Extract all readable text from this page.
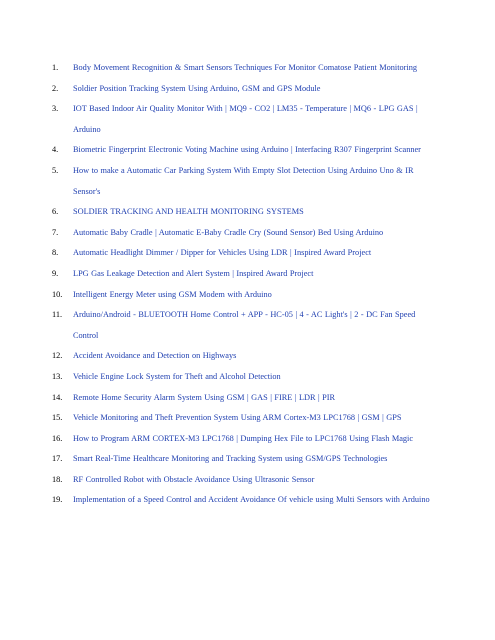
1.	Body Movement Recognition & Smart Sensors Techniques For Monitor Comatose Patient Monitoring
2.	Soldier Position Tracking System Using Arduino, GSM and GPS Module
3.	IOT Based Indoor Air Quality Monitor With | MQ9 - CO2 | LM35 - Temperature | MQ6 - LPG GAS | Arduino
4.	Biometric Fingerprint Electronic Voting Machine using Arduino | Interfacing R307 Fingerprint Scanner
5.	How to make a Automatic Car Parking System With Empty Slot Detection Using Arduino Uno & IR Sensor's
6.	SOLDIER TRACKING AND HEALTH MONITORING SYSTEMS
7.	Automatic Baby Cradle | Automatic E-Baby Cradle Cry (Sound Sensor) Bed Using Arduino
8.	Automatic Headlight Dimmer / Dipper for Vehicles Using LDR | Inspired Award Project
9.	LPG Gas Leakage Detection and Alert System | Inspired Award Project
10.	Intelligent Energy Meter using GSM Modem with Arduino
11.	Arduino/Android - BLUETOOTH Home Control + APP - HC-05 | 4 - AC Light's | 2 - DC Fan Speed Control
12.	Accident Avoidance and Detection on Highways
13.	Vehicle Engine Lock System for Theft and Alcohol Detection
14.	Remote Home Security Alarm System Using GSM | GAS | FIRE | LDR | PIR
15.	Vehicle Monitoring and Theft Prevention System Using ARM Cortex-M3 LPC1768 | GSM | GPS
16.	How to Program ARM CORTEX-M3 LPC1768 | Dumping Hex File to LPC1768 Using Flash Magic
17.	Smart Real-Time Healthcare Monitoring and Tracking System using GSM/GPS Technologies
18.	RF Controlled Robot with Obstacle Avoidance Using Ultrasonic Sensor
19.	Implementation of a Speed Control and Accident Avoidance Of vehicle using Multi Sensors with Arduino
